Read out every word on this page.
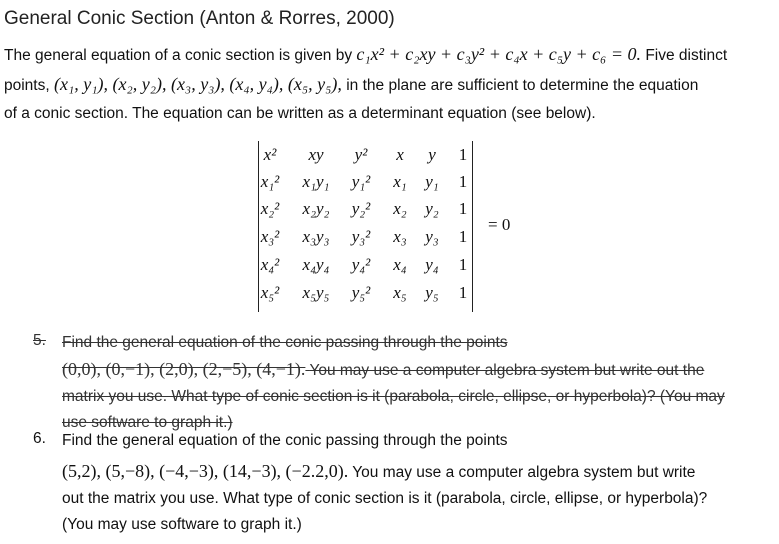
General Conic Section (Anton & Rorres, 2000)
The general equation of a conic section is given by c₁x² + c₂xy + c₃y² + c₄x + c₅y + c₆ = 0. Five distinct
points, (x₁, y₁), (x₂, y₂), (x₃, y₃), (x₄, y₄), (x₅, y₅), in the plane are sufficient to determine the equation
of a conic section. The equation can be written as a determinant equation (see below).
x² xy y² x y 1
x₁² x₁y₁ y₁² x₁ y₁ 1
x₂² x₂y₂ y₂² x₂ y₂ 1
x₃² x₃y₃ y₃² x₃ y₃ 1
x₄² x₄y₄ y₄² x₄ y₄ 1
x₅² x₅y₅ y₅² x₅ y₅ 1
= 0
5. Find the general equation of the conic passing through the points
(0,0), (0,−1), (2,0), (2,−5), (4,−1). You may use a computer algebra system but write out the
matrix you use. What type of conic section is it (parabola, circle, ellipse, or hyperbola)? (You may
use software to graph it.)
6. Find the general equation of the conic passing through the points
(5,2), (5,−8), (−4,−3), (14,−3), (−2.2,0). You may use a computer algebra system but write
out the matrix you use. What type of conic section is it (parabola, circle, ellipse, or hyperbola)?
(You may use software to graph it.)
